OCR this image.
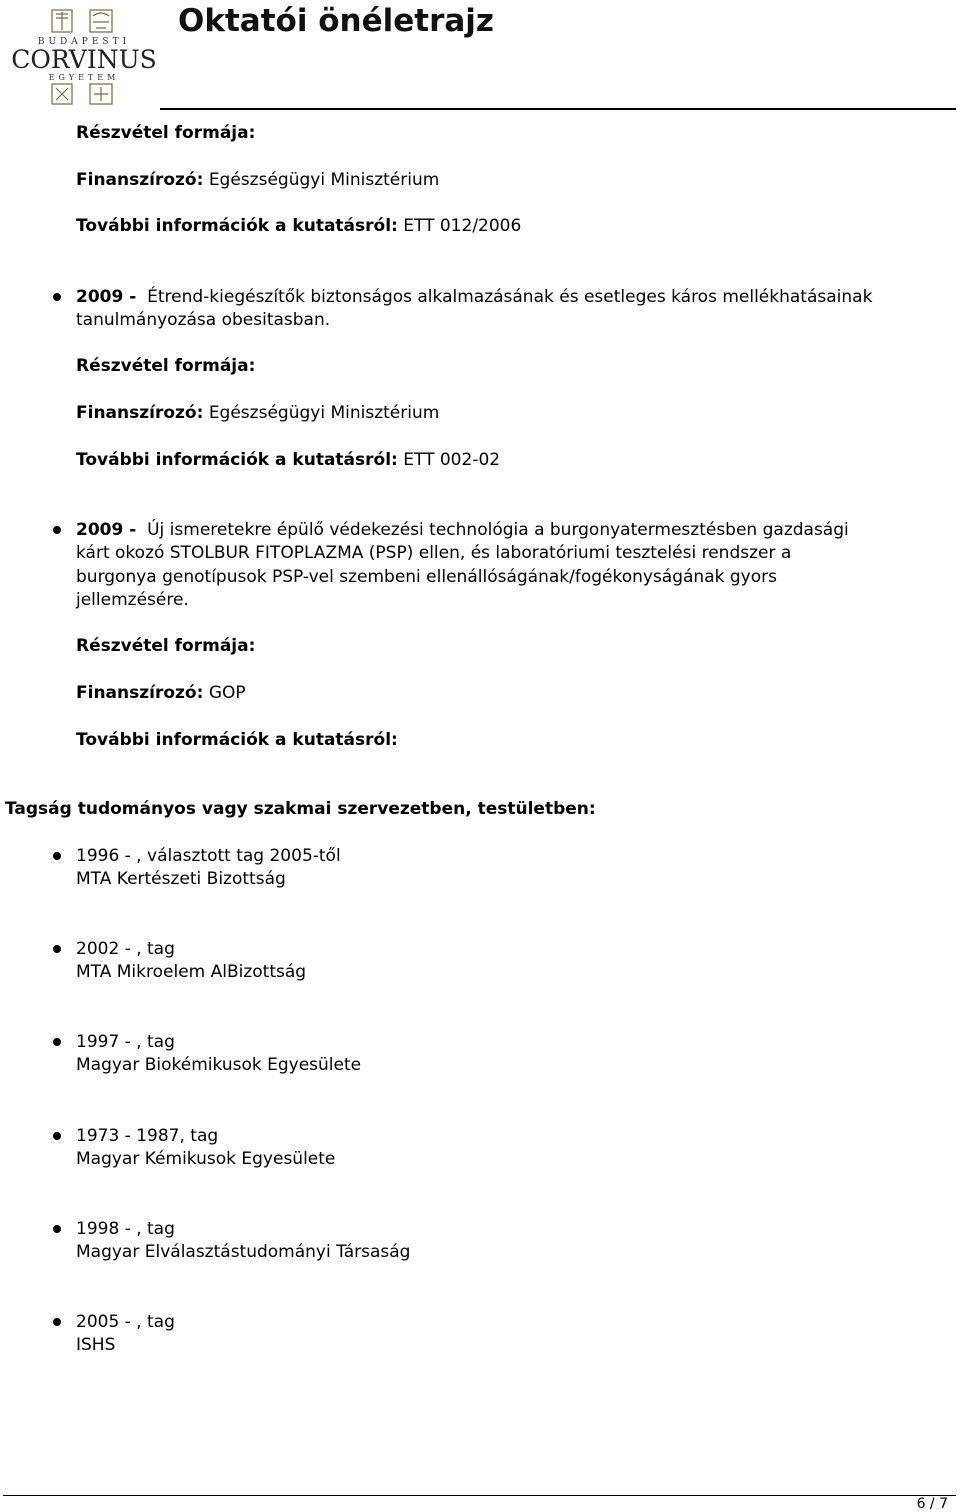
BUDAPESTI
CORVINUS
EGYETEM
Oktatói önéletrajz
Részvétel formája:
Finanszírozó: Egészségügyi Minisztérium
További információk a kutatásról: ETT 012/2006
2009 - Étrend-kiegészítők biztonságos alkalmazásának és esetleges káros mellékhatásainak
tanulmányozása obesitasban.
Részvétel formája:
Finanszírozó: Egészségügyi Minisztérium
További információk a kutatásról: ETT 002-02
2009 - Új ismeretekre épülő védekezési technológia a burgonyatermesztésben gazdasági
kárt okozó STOLBUR FITOPLAZMA (PSP) ellen, és laboratóriumi tesztelési rendszer a
burgonya genotípusok PSP-vel szembeni ellenállóságának/fogékonyságának gyors
jellemzésére.
Részvétel formája:
Finanszírozó: GOP
További információk a kutatásról:
Tagság tudományos vagy szakmai szervezetben, testületben:
1996 - , választott tag 2005-től
MTA Kertészeti Bizottság
2002 - , tag
MTA Mikroelem AlBizottság
1997 - , tag
Magyar Biokémikusok Egyesülete
1973 - 1987, tag
Magyar Kémikusok Egyesülete
1998 - , tag
Magyar Elválasztástudományi Társaság
2005 - , tag
ISHS
6 / 7
